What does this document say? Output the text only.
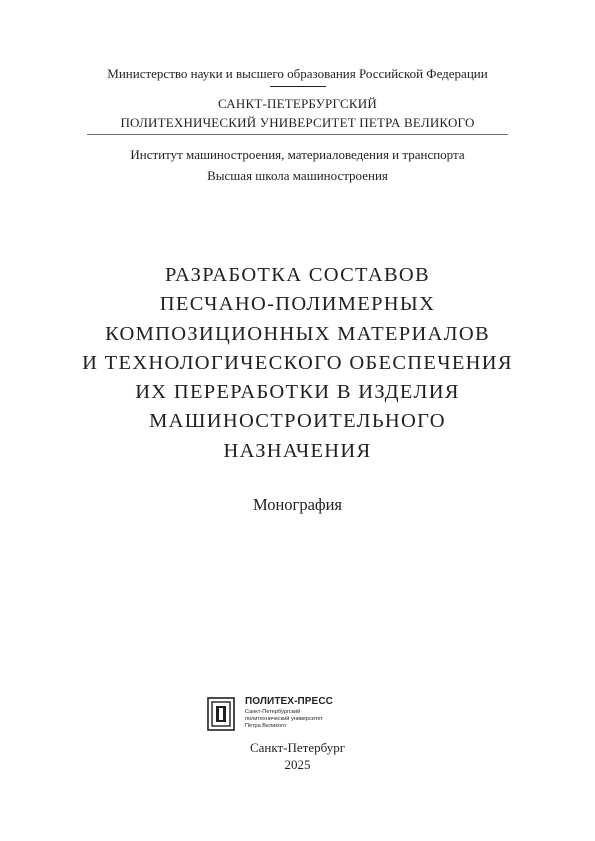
Министерство науки и высшего образования Российской Федерации
САНКТ-ПЕТЕРБУРГСКИЙ
ПОЛИТЕХНИЧЕСКИЙ УНИВЕРСИТЕТ ПЕТРА ВЕЛИКОГО
Институт машиностроения, материаловедения и транспорта
Высшая школа машиностроения
РАЗРАБОТКА СОСТАВОВ
ПЕСЧАНО-ПОЛИМЕРНЫХ
КОМПОЗИЦИОННЫХ МАТЕРИАЛОВ
И ТЕХНОЛОГИЧЕСКОГО ОБЕСПЕЧЕНИЯ
ИХ ПЕРЕРАБОТКИ В ИЗДЕЛИЯ
МАШИНОСТРОИТЕЛЬНОГО
НАЗНАЧЕНИЯ
Монография
ПОЛИТЕХ-ПРЕСС
Санкт-Петербургский
политехнический университет
Петра Великого
Санкт-Петербург
2025
